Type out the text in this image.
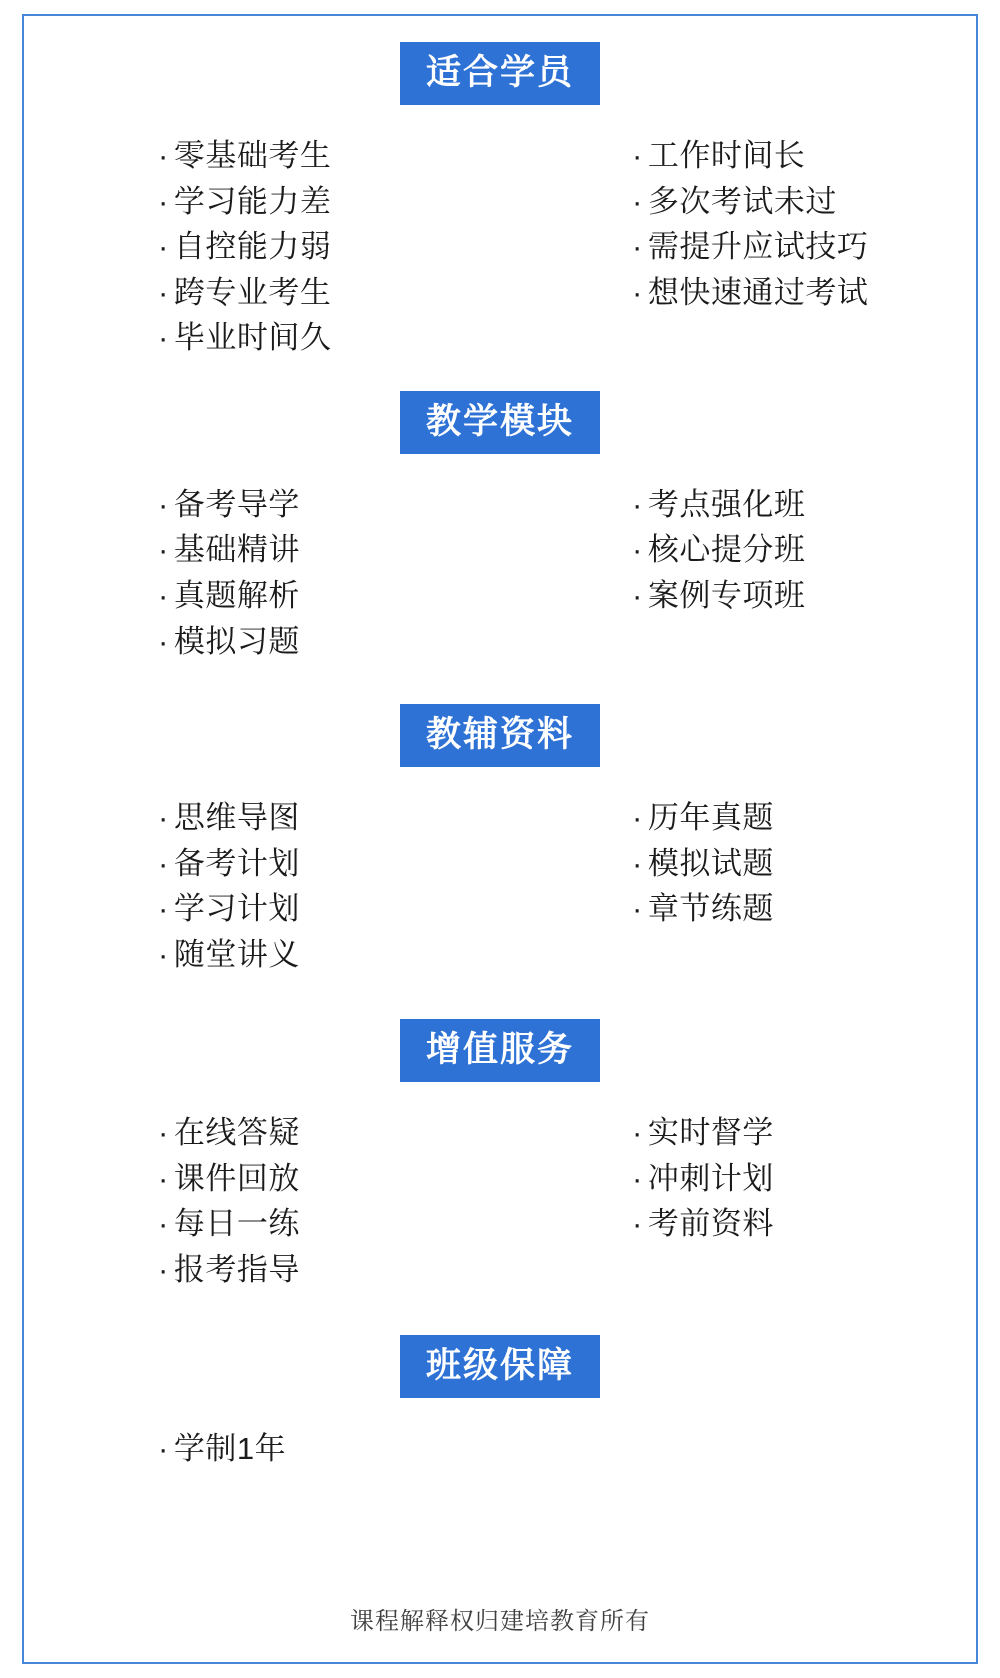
适合学员
· 零基础考生
· 学习能力差
· 自控能力弱
· 跨专业考生
· 毕业时间久
· 工作时间长
· 多次考试未过
· 需提升应试技巧
· 想快速通过考试
教学模块
· 备考导学
· 基础精讲
· 真题解析
· 模拟习题
· 考点强化班
· 核心提分班
· 案例专项班
教辅资料
· 思维导图
· 备考计划
· 学习计划
· 随堂讲义
· 历年真题
· 模拟试题
· 章节练题
增值服务
· 在线答疑
· 课件回放
· 每日一练
· 报考指导
· 实时督学
· 冲刺计划
· 考前资料
班级保障
· 学制1年
课程解释权归建培教育所有
